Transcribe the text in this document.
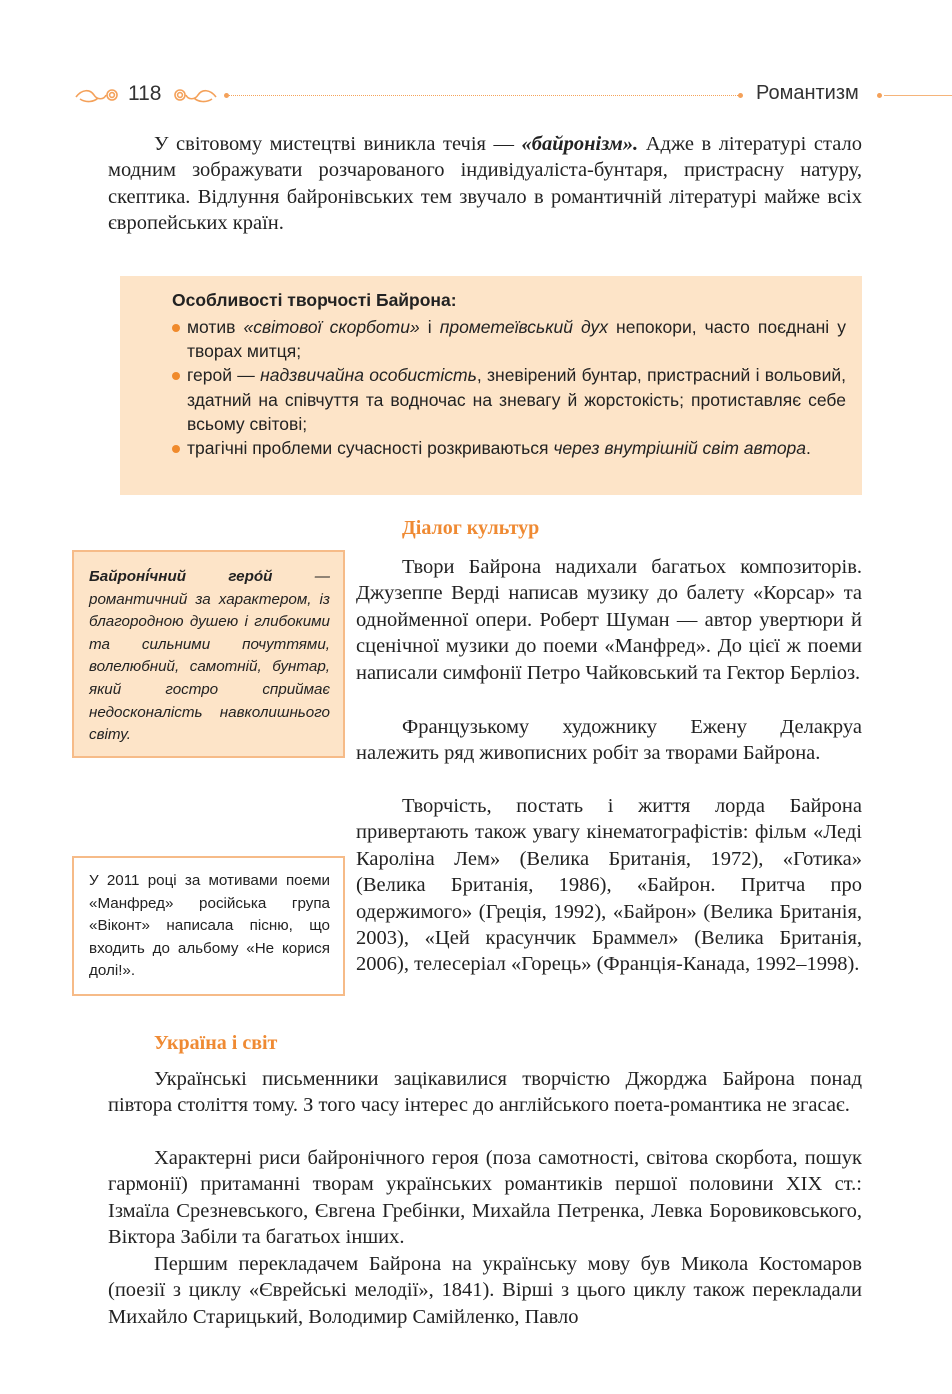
118	Романтизм

У світовому мистецтві виникла течія — «байронізм». Адже в літературі стало модним зображувати розчарованого індивідуаліста-бунтаря, пристрасну натуру, скептика. Відлуння байронівських тем звучало в романтичній літературі майже всіх європейських країн.

Особливості творчості Байрона:
мотив «світової скорботи» і прометеївський дух непокори, часто поєднані у творах митця;
герой — надзвичайна особистість, зневірений бунтар, пристрасний і вольовий, здатний на співчуття та водночас на зневагу й жорстокість; протиставляє себе всьому світові;
трагічні проблеми сучасності розкриваються через внутрішній світ автора.
Діалог культур

Твори Байрона надихали багатьох композиторів. Джузеппе Верді написав музику до балету «Корсар» та однойменної опери. Роберт Шуман — автор увертюри й сценічної музики до поеми «Манфред». До цієї ж поеми написали симфонії Петро Чайковський та Гектор Берліоз.

Французькому художнику Ежену Делакруа належить ряд живописних робіт за творами Байрона.

Творчість, постать і життя лорда Байрона привертають також увагу кінематографістів: фільм «Леді Кароліна Лем» (Велика Британія, 1972), «Готика» (Велика Британія, 1986), «Байрон. Притча про одержимого» (Греція, 1992), «Байрон» (Велика Британія, 2003), «Цей красунчик Браммел» (Велика Британія, 2006), телесеріал «Горець» (Франція-Канада, 1992–1998).

Байроні́чний геро́й — романтичний за характером, із благородною душею і глибокими та сильними почуттями, волелюбний, самотній, бунтар, який гостро сприймає недосконалість навколишнього світу.

У 2011 році за мотивами поеми «Манфред» російська група «Віконт» написала пісню, що входить до альбому «Не корися долі!».

Україна і світ

Українські письменники зацікавилися творчістю Джорджа Байрона понад півтора століття тому. З того часу інтерес до англійського поета-романтика не згасає.

Характерні риси байронічного героя (поза самотності, світова скорбота, пошук гармонії) притаманні творам українських романтиків першої половини XIX ст.: Ізмаїла Срезневського, Євгена Гребінки, Михайла Петренка, Левка Боровиковського, Віктора Забіли та багатьох інших.

Першим перекладачем Байрона на українську мову був Микола Костомаров (поезії з циклу «Єврейські мелодії», 1841). Вірші з цього циклу також перекладали Михайло Старицький, Володимир Самійленко, Павло
